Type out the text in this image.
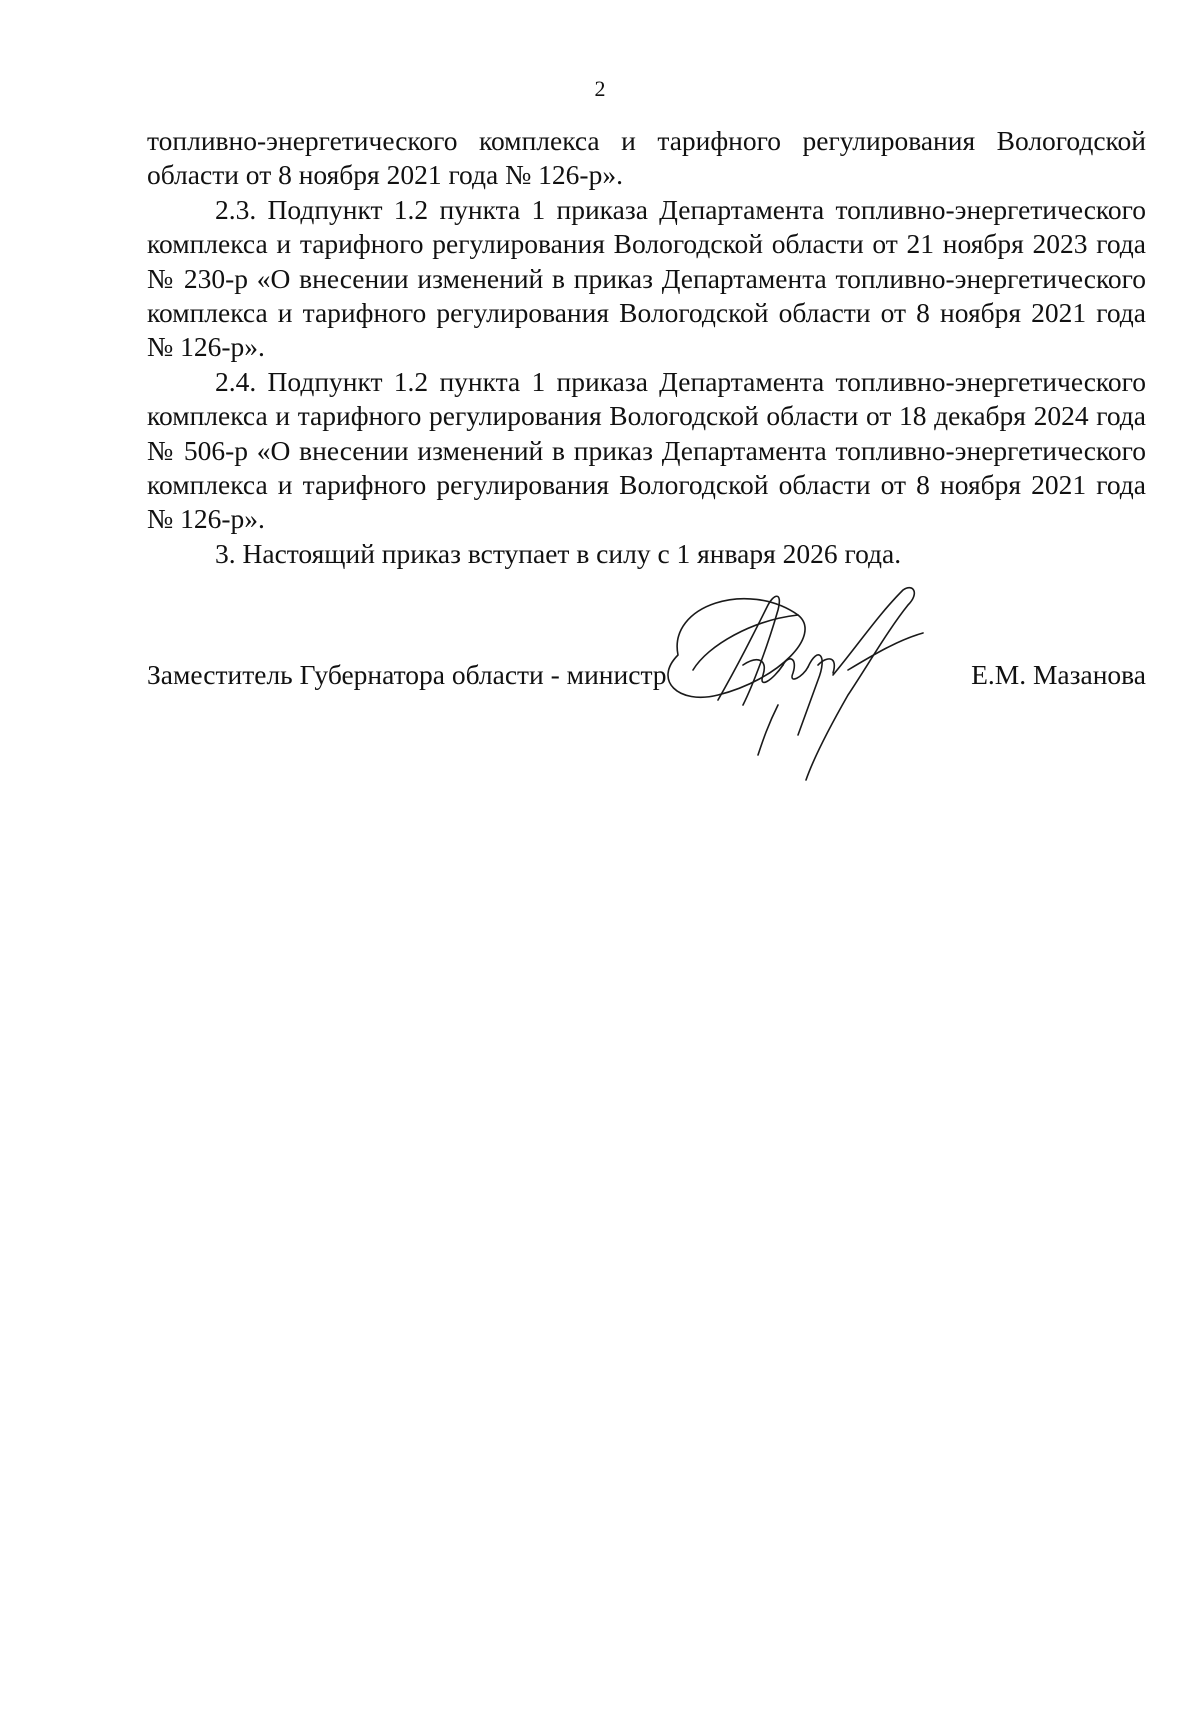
2

топливно-энергетического комплекса и тарифного регулирования Вологодской области от 8 ноября 2021 года № 126-р».

2.3. Подпункт 1.2 пункта 1 приказа Департамента топливно-энергетического комплекса и тарифного регулирования Вологодской области от 21 ноября 2023 года № 230-р «О внесении изменений в приказ Департамента топливно-энергетического комплекса и тарифного регулирования Вологодской области от 8 ноября 2021 года № 126-р».

2.4. Подпункт 1.2 пункта 1 приказа Департамента топливно-энергетического комплекса и тарифного регулирования Вологодской области от 18 декабря 2024 года № 506-р «О внесении изменений в приказ Департамента топливно-энергетического комплекса и тарифного регулирования Вологодской области от 8 ноября 2021 года № 126-р».

3. Настоящий приказ вступает в силу с 1 января 2026 года.

Заместитель Губернатора области - министр	Е.М. Мазанова
